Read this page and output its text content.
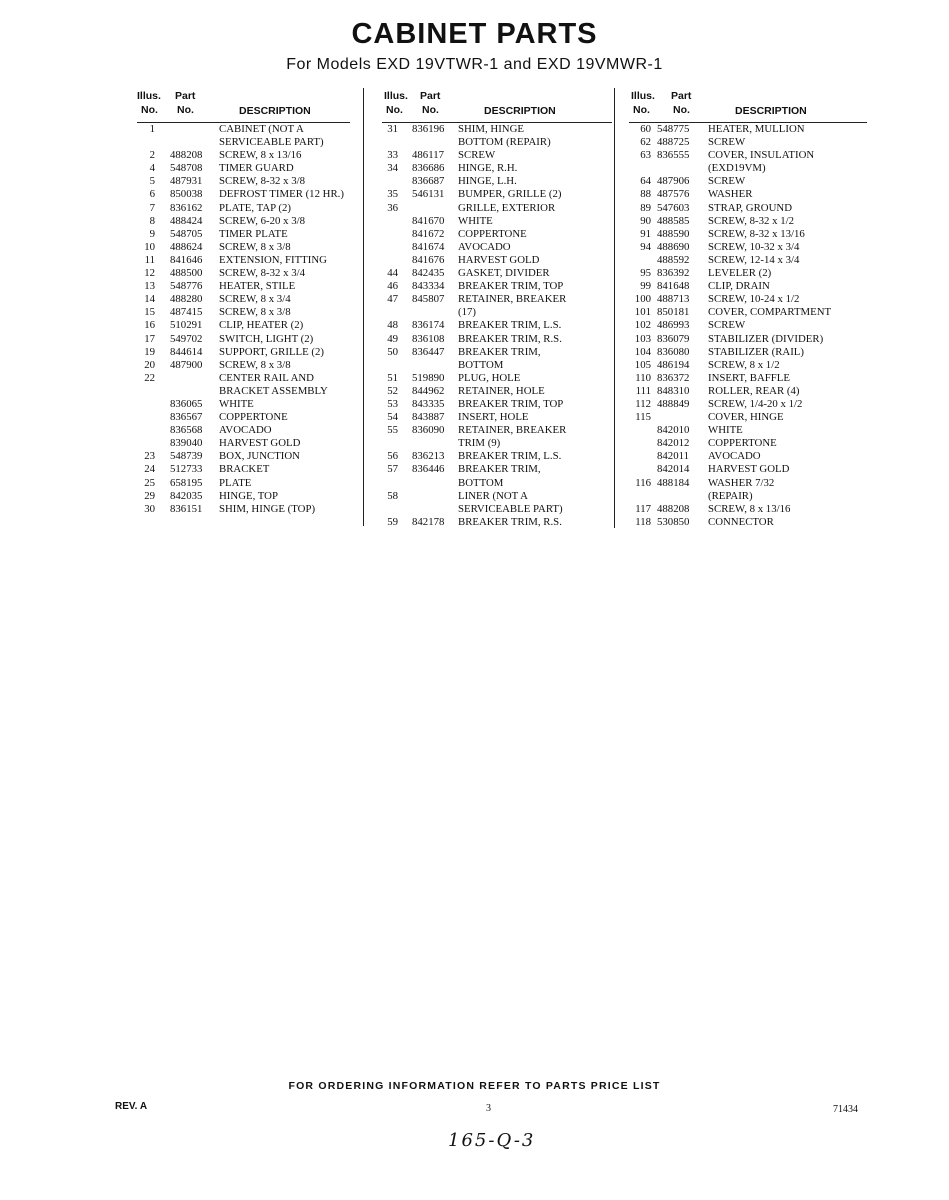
CABINET PARTS
For Models EXD 19VTWR-1 and EXD 19VMWR-1
Illus. Part
No. No.	DESCRIPTION
1	CABINET (NOT A
SERVICEABLE PART)
2 488208 SCREW, 8 x 13/16
4 548708 TIMER GUARD
5 487931 SCREW, 8-32 x 3/8
6 850038 DEFROST TIMER (12 HR.)
7 836162 PLATE, TAP (2)
8 488424 SCREW, 6-20 x 3/8
9 548705 TIMER PLATE
10 488624 SCREW, 8 x 3/8
11 841646 EXTENSION, FITTING
12 488500 SCREW, 8-32 x 3/4
13 548776 HEATER, STILE
14 488280 SCREW, 8 x 3/4
15 487415 SCREW, 8 x 3/8
16 510291 CLIP, HEATER (2)
17 549702 SWITCH, LIGHT (2)
19 844614 SUPPORT, GRILLE (2)
20 487900 SCREW, 8 x 3/8
22	CENTER RAIL AND
BRACKET ASSEMBLY
836065 WHITE
836567 COPPERTONE
836568 AVOCADO
839040 HARVEST GOLD
23 548739 BOX, JUNCTION
24 512733 BRACKET
25 658195 PLATE
29 842035 HINGE, TOP
30 836151 SHIM, HINGE (TOP)
Illus. Part
No. No.	DESCRIPTION
31 836196 SHIM, HINGE
BOTTOM (REPAIR)
33 486117 SCREW
34 836686 HINGE, R.H.
836687 HINGE, L.H.
35 546131 BUMPER, GRILLE (2)
36	GRILLE, EXTERIOR
841670 WHITE
841672 COPPERTONE
841674 AVOCADO
841676 HARVEST GOLD
44 842435 GASKET, DIVIDER
46 843334 BREAKER TRIM, TOP
47 845807 RETAINER, BREAKER
(17)
48 836174 BREAKER TRIM, L.S.
49 836108 BREAKER TRIM, R.S.
50 836447 BREAKER TRIM,
BOTTOM
51 519890 PLUG, HOLE
52 844962 RETAINER, HOLE
53 843335 BREAKER TRIM, TOP
54 843887 INSERT, HOLE
55 836090 RETAINER, BREAKER
TRIM (9)
56 836213 BREAKER TRIM, L.S.
57 836446 BREAKER TRIM,
BOTTOM
58	LINER (NOT A
SERVICEABLE PART)
59 842178 BREAKER TRIM, R.S.
Illus. Part
No. No.	DESCRIPTION
60 548775 HEATER, MULLION
62 488725 SCREW
63 836555 COVER, INSULATION
(EXD19VM)
64 487906 SCREW
88 487576 WASHER
89 547603 STRAP, GROUND
90 488585 SCREW, 8-32 x 1/2
91 488590 SCREW, 8-32 x 13/16
94 488690 SCREW, 10-32 x 3/4
488592 SCREW, 12-14 x 3/4
95 836392 LEVELER (2)
99 841648 CLIP, DRAIN
100 488713 SCREW, 10-24 x 1/2
101 850181 COVER, COMPARTMENT
102 486993 SCREW
103 836079 STABILIZER (DIVIDER)
104 836080 STABILIZER (RAIL)
105 486194 SCREW, 8 x 1/2
110 836372 INSERT, BAFFLE
111 848310 ROLLER, REAR (4)
112 488849 SCREW, 1/4-20 x 1/2
115	COVER, HINGE
842010 WHITE
842012 COPPERTONE
842011 AVOCADO
842014 HARVEST GOLD
116 488184 WASHER 7/32
(REPAIR)
117 488208 SCREW, 8 x 13/16
118 530850 CONNECTOR
FOR ORDERING INFORMATION REFER TO PARTS PRICE LIST
REV. A	3	71434
165-Q-3
